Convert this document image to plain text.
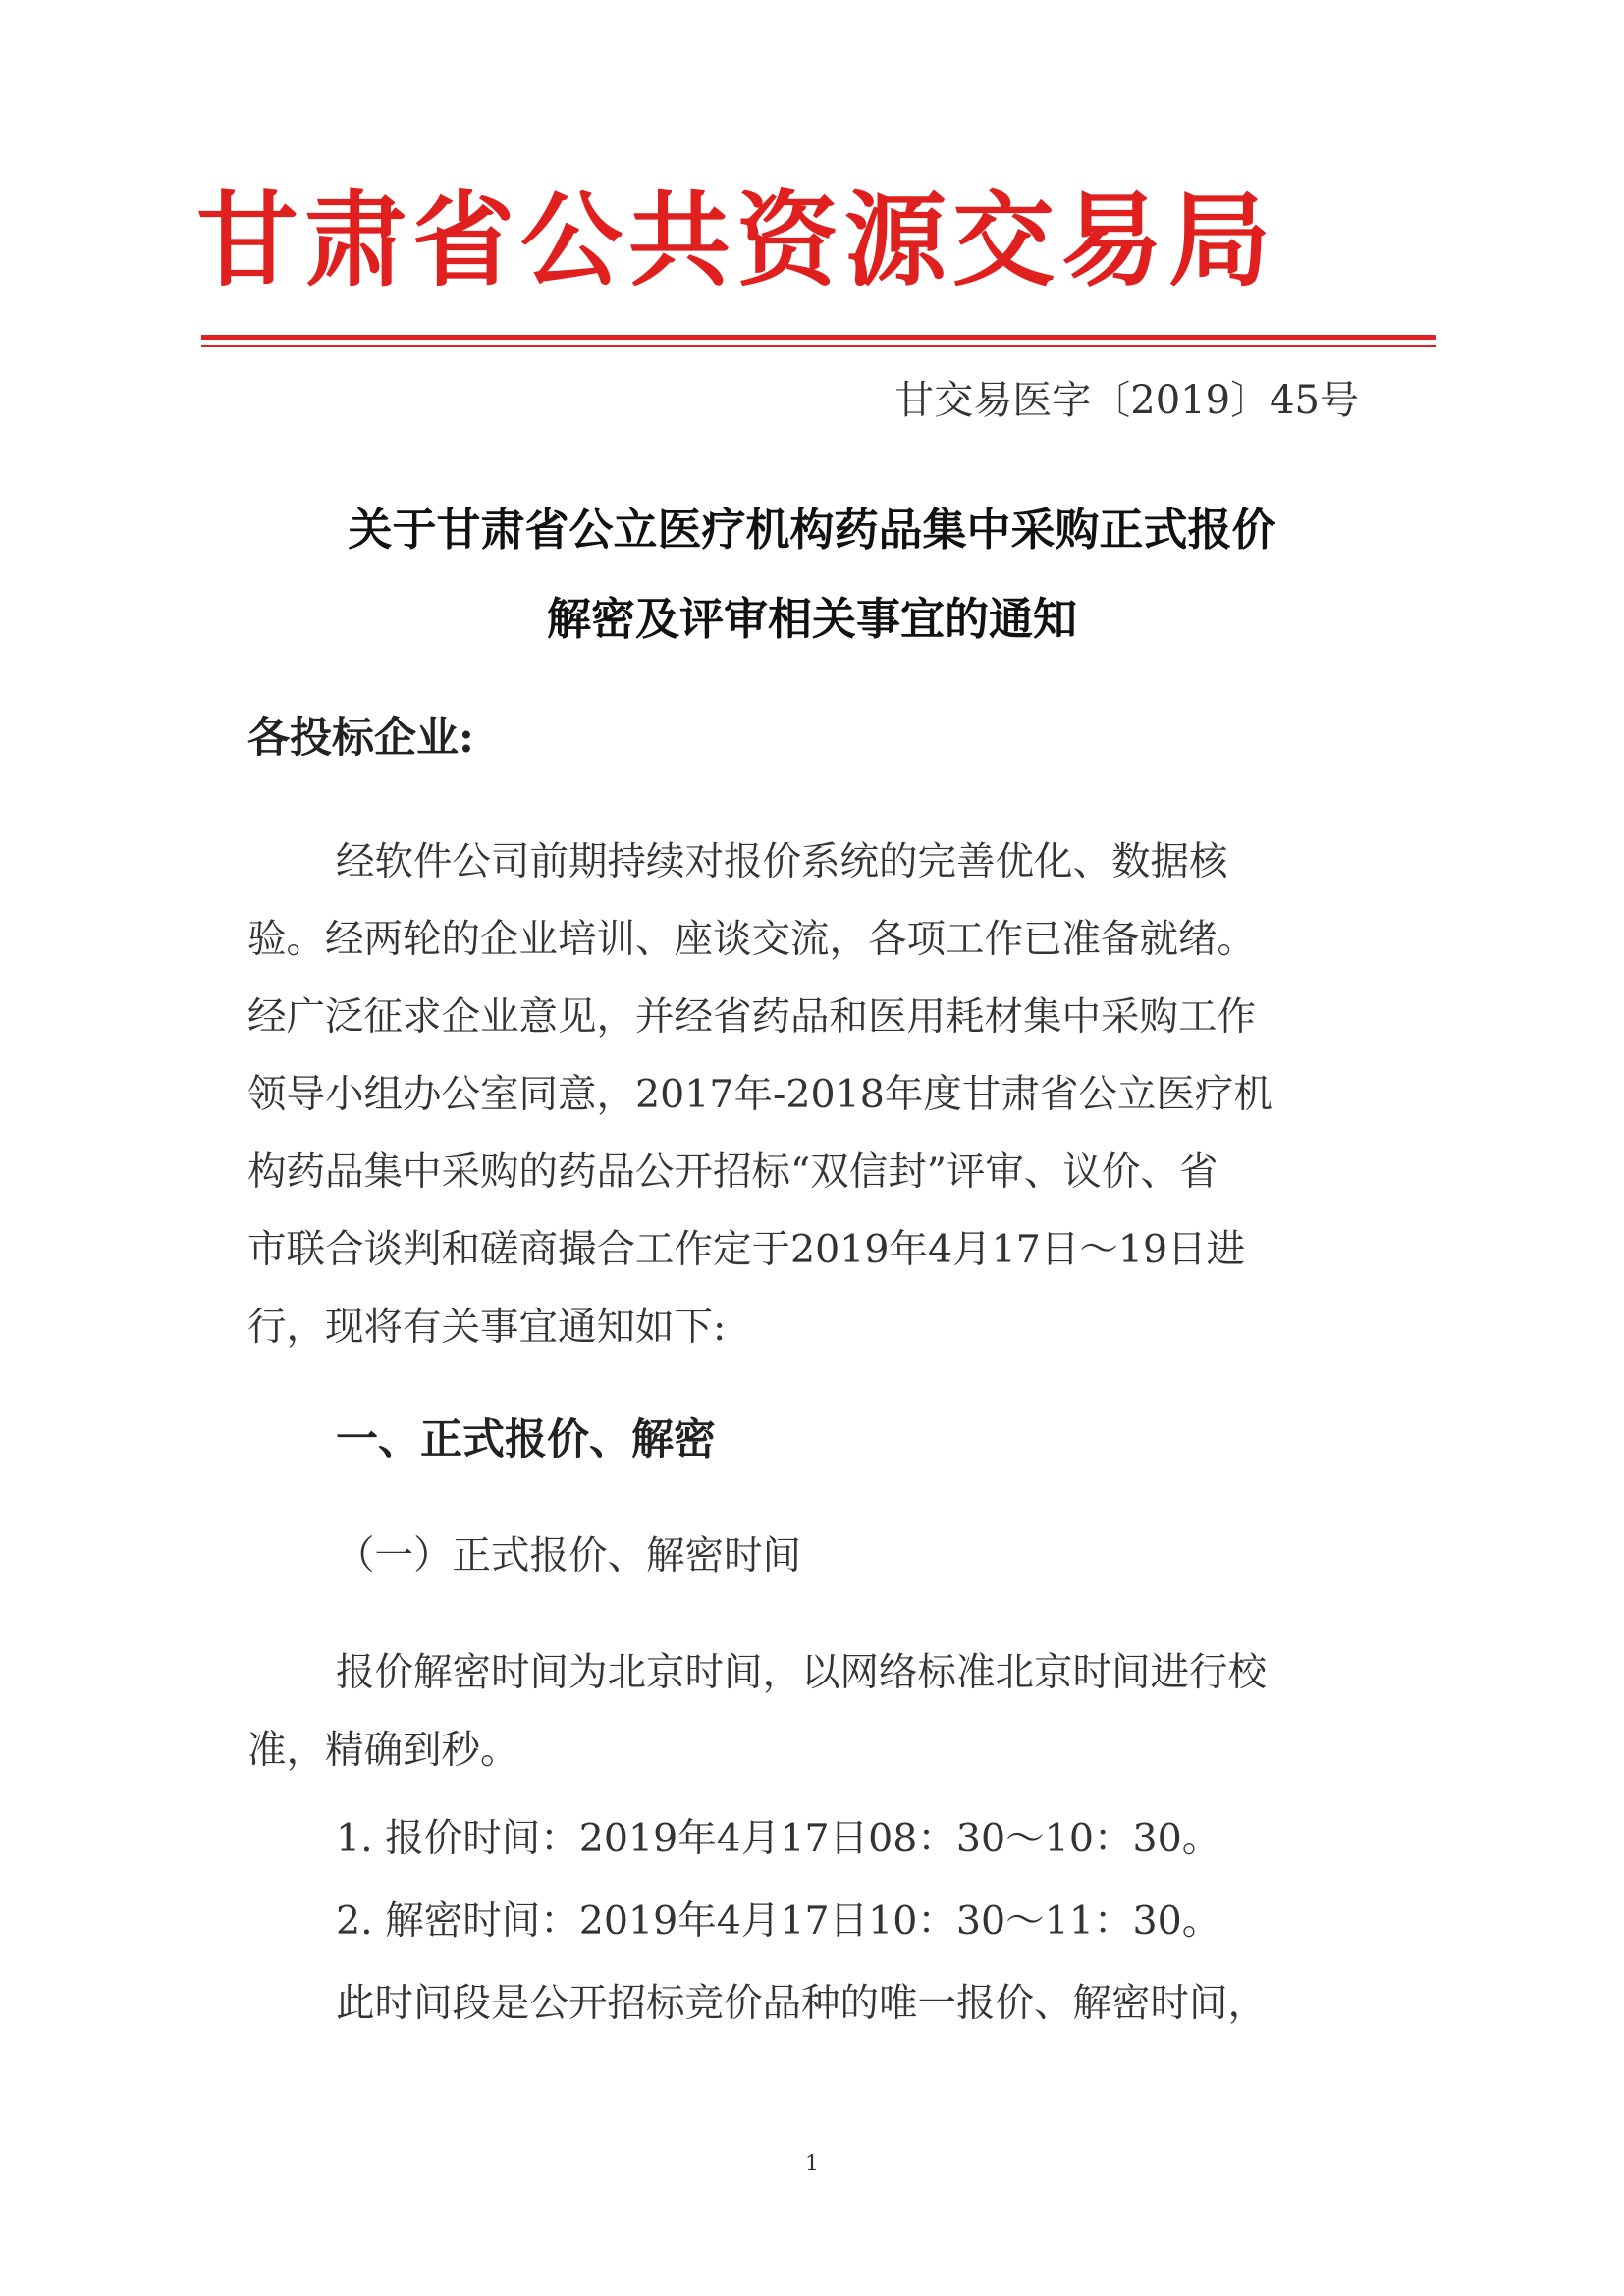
甘肃省公共资源交易局
甘交易医字〔2019〕45号
关于甘肃省公立医疗机构药品集中采购正式报价
解密及评审相关事宜的通知
各投标企业:

经软件公司前期持续对报价系统的完善优化、数据核

验。经两轮的企业培训、座谈交流，各项工作已准备就绪。

经广泛征求企业意见，并经省药品和医用耗材集中采购工作

领导小组办公室同意，2017年-2018年度甘肃省公立医疗机

构药品集中采购的药品公开招标“双信封”评审、议价、省

市联合谈判和磋商撮合工作定于2019年4月17日～19日进

行，现将有关事宜通知如下:

一、正式报价、解密

（一）正式报价、解密时间

报价解密时间为北京时间，以网络标准北京时间进行校

准，精确到秒。

1. 报价时间：2019年4月17日08：30～10：30。

2. 解密时间：2019年4月17日10：30～11：30。

此时间段是公开招标竞价品种的唯一报价、解密时间，

1
